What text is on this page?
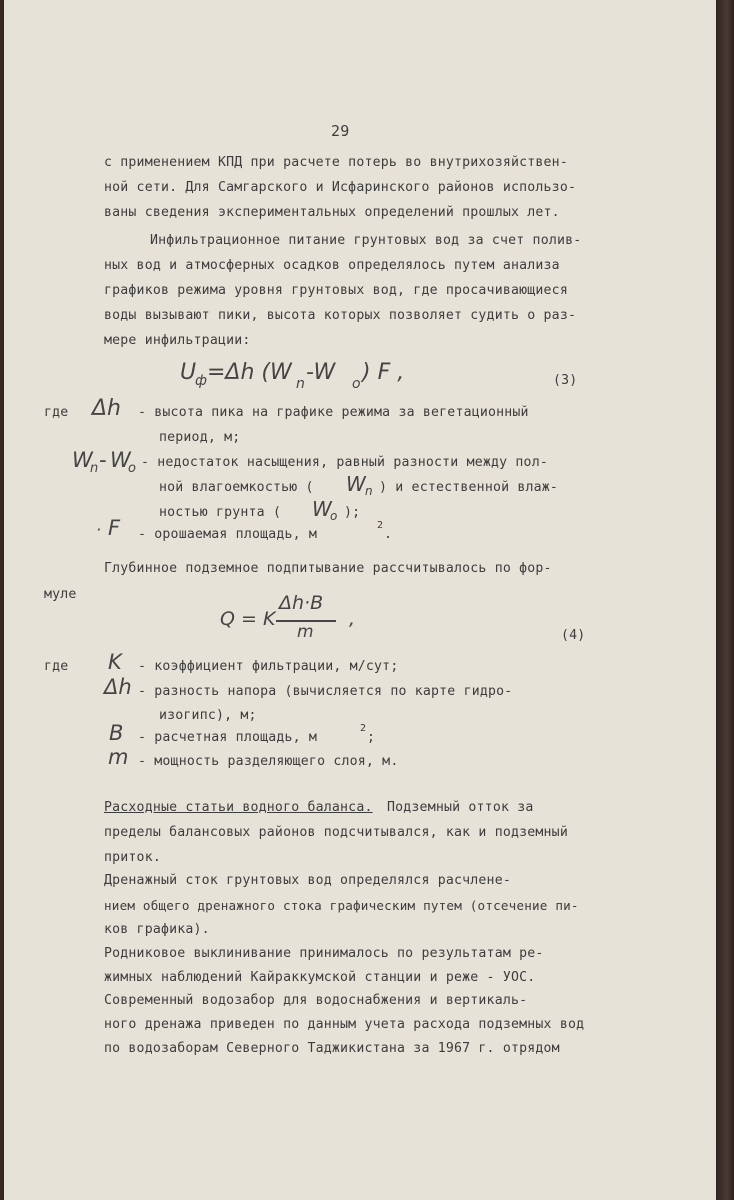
29
с применением КПД при расчете потерь во внутрихозяйствен-
ной сети. Для Самгарского и Исфаринского районов использо-
ваны сведения экспериментальных определений прошлых лет.
Инфильтрационное питание грунтовых вод за счет полив-
ных вод и атмосферных осадков определялось путем анализа
графиков режима уровня грунтовых вод, где просачивающиеся
воды вызывают пики, высота которых позволяет судить о раз-
мере инфильтрации:
U
ф =Δh (W n -W o ) F ,	(3)
где Δh - высота пика на графике режима за вегетационный
период, м;
W
n - W
o - недостаток насыщения, равный разности между пол-
ной влагоемкостью ( W n ) и естественной влаж-
ностью грунта ( W
o );
F
·	- орошаемая площадь, м
2
.
Глубинное подземное подпитывание рассчитывалось по фор-
муле
Q = K
Δh·B
m
,
(4)
где K - коэффициент фильтрации, м/сут;
Δh - разность напора (вычисляется по карте гидро-
изогипс), м;
B - расчетная площадь, м
2
;
m - мощность разделяющего слоя, м.
Расходные статьи водного баланса. Подземный отток за
пределы балансовых районов подсчитывался, как и подземный
приток.
Дренажный сток грунтовых вод определялся расчлене-
нием общего дренажного стока графическим путем (отсечение пи-
ков графика).
Родниковое выклинивание принималось по результатам ре-
жимных наблюдений Кайраккумской станции и реже - УОС.
Современный водозабор для водоснабжения и вертикаль-
ного дренажа приведен по данным учета расхода подземных вод
по водозаборам Северного Таджикистана за 1967 г. отрядом
